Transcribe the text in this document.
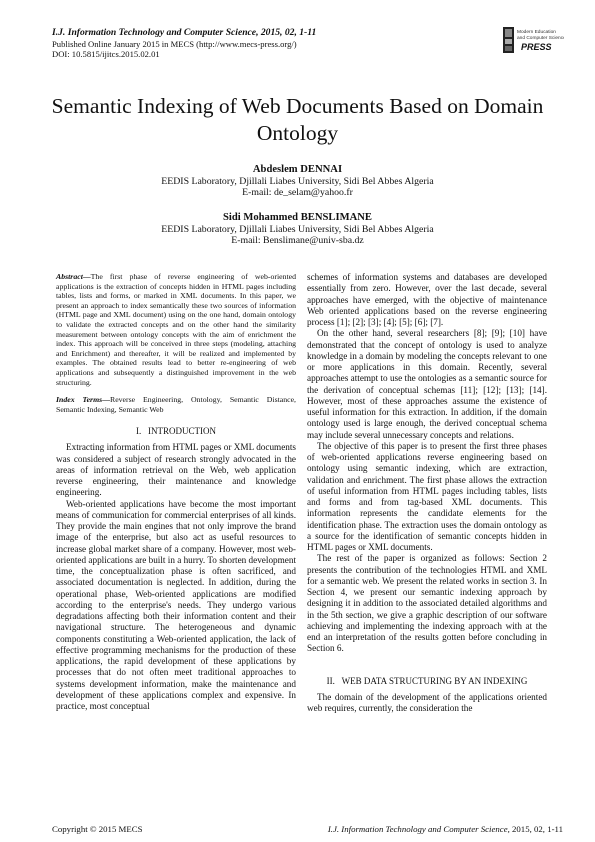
I.J. Information Technology and Computer Science, 2015, 02, 1-11
Published Online January 2015 in MECS (http://www.mecs-press.org/)
DOI: 10.5815/ijitcs.2015.02.01
Modern Education
and Computer Science
PRESS
Semantic Indexing of Web Documents Based on Domain Ontology
Abdeslem DENNAI
EEDIS Laboratory, Djillali Liabes University, Sidi Bel Abbes Algeria
E-mail: de_selam@yahoo.fr
Sidi Mohammed BENSLIMANE
EEDIS Laboratory, Djillali Liabes University, Sidi Bel Abbes Algeria
E-mail: Benslimane@univ-sba.dz

Abstract—The first phase of reverse engineering of web-oriented applications is the extraction of concepts hidden in HTML pages including tables, lists and forms, or marked in XML documents. In this paper, we present an approach to index semantically these two sources of information (HTML page and XML document) using on the one hand, domain ontology to validate the extracted concepts and on the other hand the similarity measurement between ontology concepts with the aim of enrichment the index. This approach will be conceived in three steps (modeling, attaching and Enrichment) and thereafter, it will be realized and implemented by examples. The obtained results lead to better re-engineering of web applications and subsequently a distinguished improvement in the web structuring.

Index Terms—Reverse Engineering, Ontology, Semantic Distance, Semantic Indexing, Semantic Web

I. INTRODUCTION

Extracting information from HTML pages or XML documents was considered a subject of research strongly advocated in the areas of information retrieval on the Web, web application reverse engineering, their maintenance and knowledge engineering.

Web-oriented applications have become the most important means of communication for commercial enterprises of all kinds. They provide the main engines that not only improve the brand image of the enterprise, but also act as useful resources to increase global market share of a company. However, most web-oriented applications are built in a hurry. To shorten development time, the conceptualization phase is often sacrificed, and associated documentation is neglected. In addition, during the operational phase, Web-oriented applications are modified according to the enterprise's needs. They undergo various degradations affecting both their information content and their navigational structure. The heterogeneous and dynamic components constituting a Web-oriented application, the lack of effective programming mechanisms for the production of these applications, the rapid development of these applications by processes that do not often meet traditional approaches to systems development information, make the maintenance and development of these applications complex and expensive. In practice, most conceptual

schemes of information systems and databases are developed essentially from zero. However, over the last decade, several approaches have emerged, with the objective of maintenance Web oriented applications based on the reverse engineering process [1]; [2]; [3]; [4]; [5]; [6]; [7].

On the other hand, several researchers [8]; [9]; [10] have demonstrated that the concept of ontology is used to analyze knowledge in a domain by modeling the concepts relevant to one or more applications in this domain. Recently, several approaches attempt to use the ontologies as a semantic source for the derivation of conceptual schemas [11]; [12]; [13]; [14]. However, most of these approaches assume the existence of useful information for this extraction. In addition, if the domain ontology used is large enough, the derived conceptual schema may include several unnecessary concepts and relations.

The objective of this paper is to present the first three phases of web-oriented applications reverse engineering based on ontology using semantic indexing, which are extraction, validation and enrichment. The first phase allows the extraction of useful information from HTML pages including tables, lists and forms and from tag-based XML documents. This information represents the candidate elements for the identification phase. The extraction uses the domain ontology as a source for the identification of semantic concepts hidden in HTML pages or XML documents.

The rest of the paper is organized as follows: Section 2 presents the contribution of the technologies HTML and XML for a semantic web. We present the related works in section 3. In Section 4, we present our semantic indexing approach by designing it in addition to the associated detailed algorithms and in the 5th section, we give a graphic description of our software achieving and implementing the indexing approach with at the end an interpretation of the results gotten before concluding in Section 6.

II. WEB DATA STRUCTURING BY AN INDEXING

The domain of the development of the applications oriented web requires, currently, the consideration the

Copyright © 2015 MECS	I.J. Information Technology and Computer Science, 2015, 02, 1-11
